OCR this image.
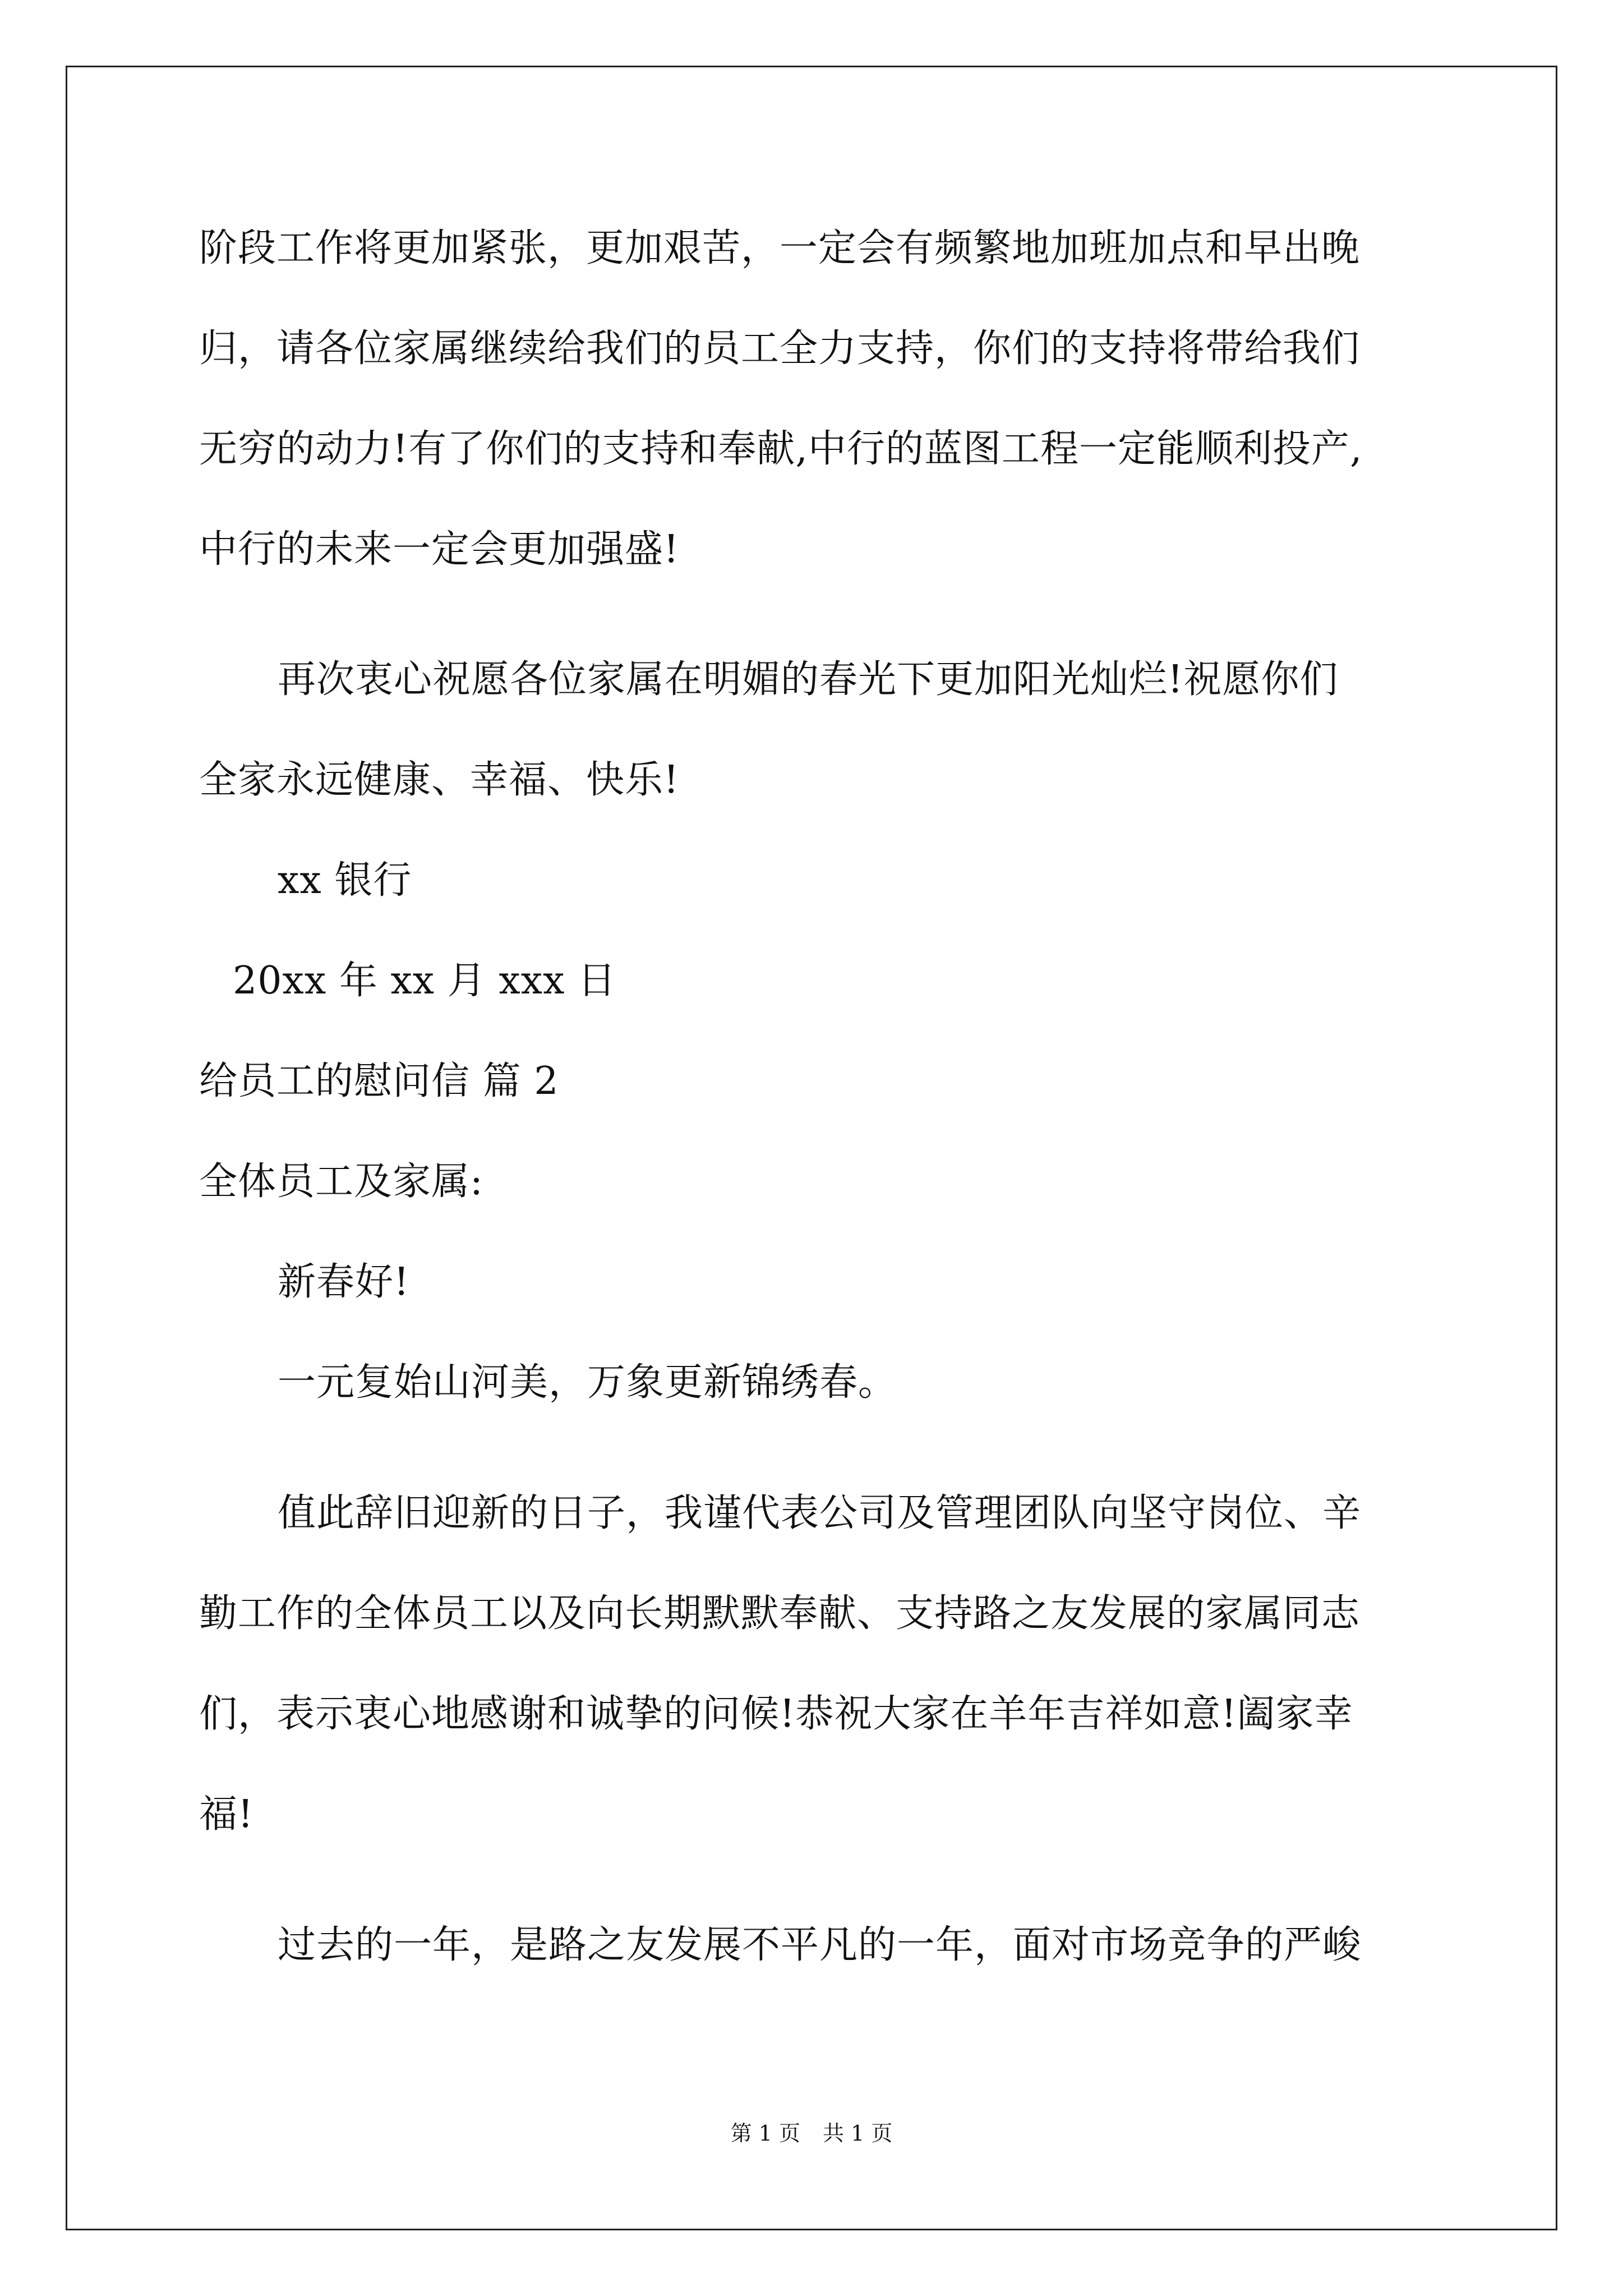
阶段工作将更加紧张，更加艰苦，一定会有频繁地加班加点和早出晚
归，请各位家属继续给我们的员工全力支持，你们的支持将带给我们
无穷的动力!有了你们的支持和奉献,中行的蓝图工程一定能顺利投产,
中行的未来一定会更加强盛!
再次衷心祝愿各位家属在明媚的春光下更加阳光灿烂!祝愿你们
全家永远健康、幸福、快乐!
xx 银行
20xx 年 xx 月 xxx 日
给员工的慰问信 篇 2
全体员工及家属:
新春好!
一元复始山河美，万象更新锦绣春。
值此辞旧迎新的日子，我谨代表公司及管理团队向坚守岗位、辛
勤工作的全体员工以及向长期默默奉献、支持路之友发展的家属同志
们，表示衷心地感谢和诚挚的问候!恭祝大家在羊年吉祥如意!阖家幸
福!
过去的一年，是路之友发展不平凡的一年，面对市场竞争的严峻
第 1 页 共 1 页
